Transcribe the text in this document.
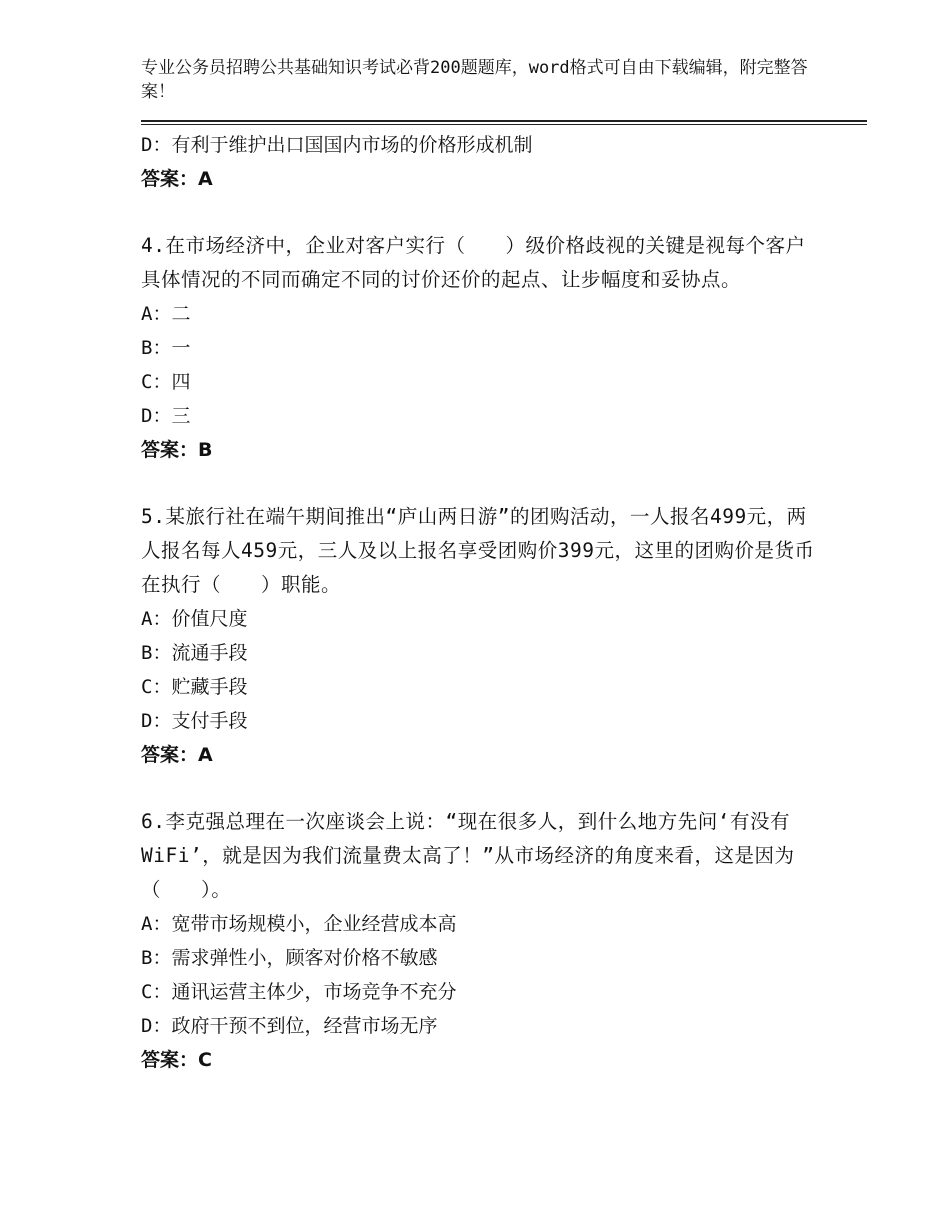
专业公务员招聘公共基础知识考试必背200题题库，word格式可自由下载编辑，附完整答案！
D：有利于维护出口国国内市场的价格形成机制
答案：A
4.在市场经济中，企业对客户实行（　　）级价格歧视的关键是视每个客户具体情况的不同而确定不同的讨价还价的起点、让步幅度和妥协点。
A：二
B：一
C：四
D：三
答案：B
5.某旅行社在端午期间推出“庐山两日游”的团购活动，一人报名499元，两人报名每人459元，三人及以上报名享受团购价399元，这里的团购价是货币在执行（　　）职能。
A：价值尺度
B：流通手段
C：贮藏手段
D：支付手段
答案：A
6.李克强总理在一次座谈会上说：“现在很多人，到什么地方先问‘有没有WiFi’，就是因为我们流量费太高了！”从市场经济的角度来看，这是因为（　　）。
A：宽带市场规模小，企业经营成本高
B：需求弹性小，顾客对价格不敏感
C：通讯运营主体少，市场竞争不充分
D：政府干预不到位，经营市场无序
答案：C
